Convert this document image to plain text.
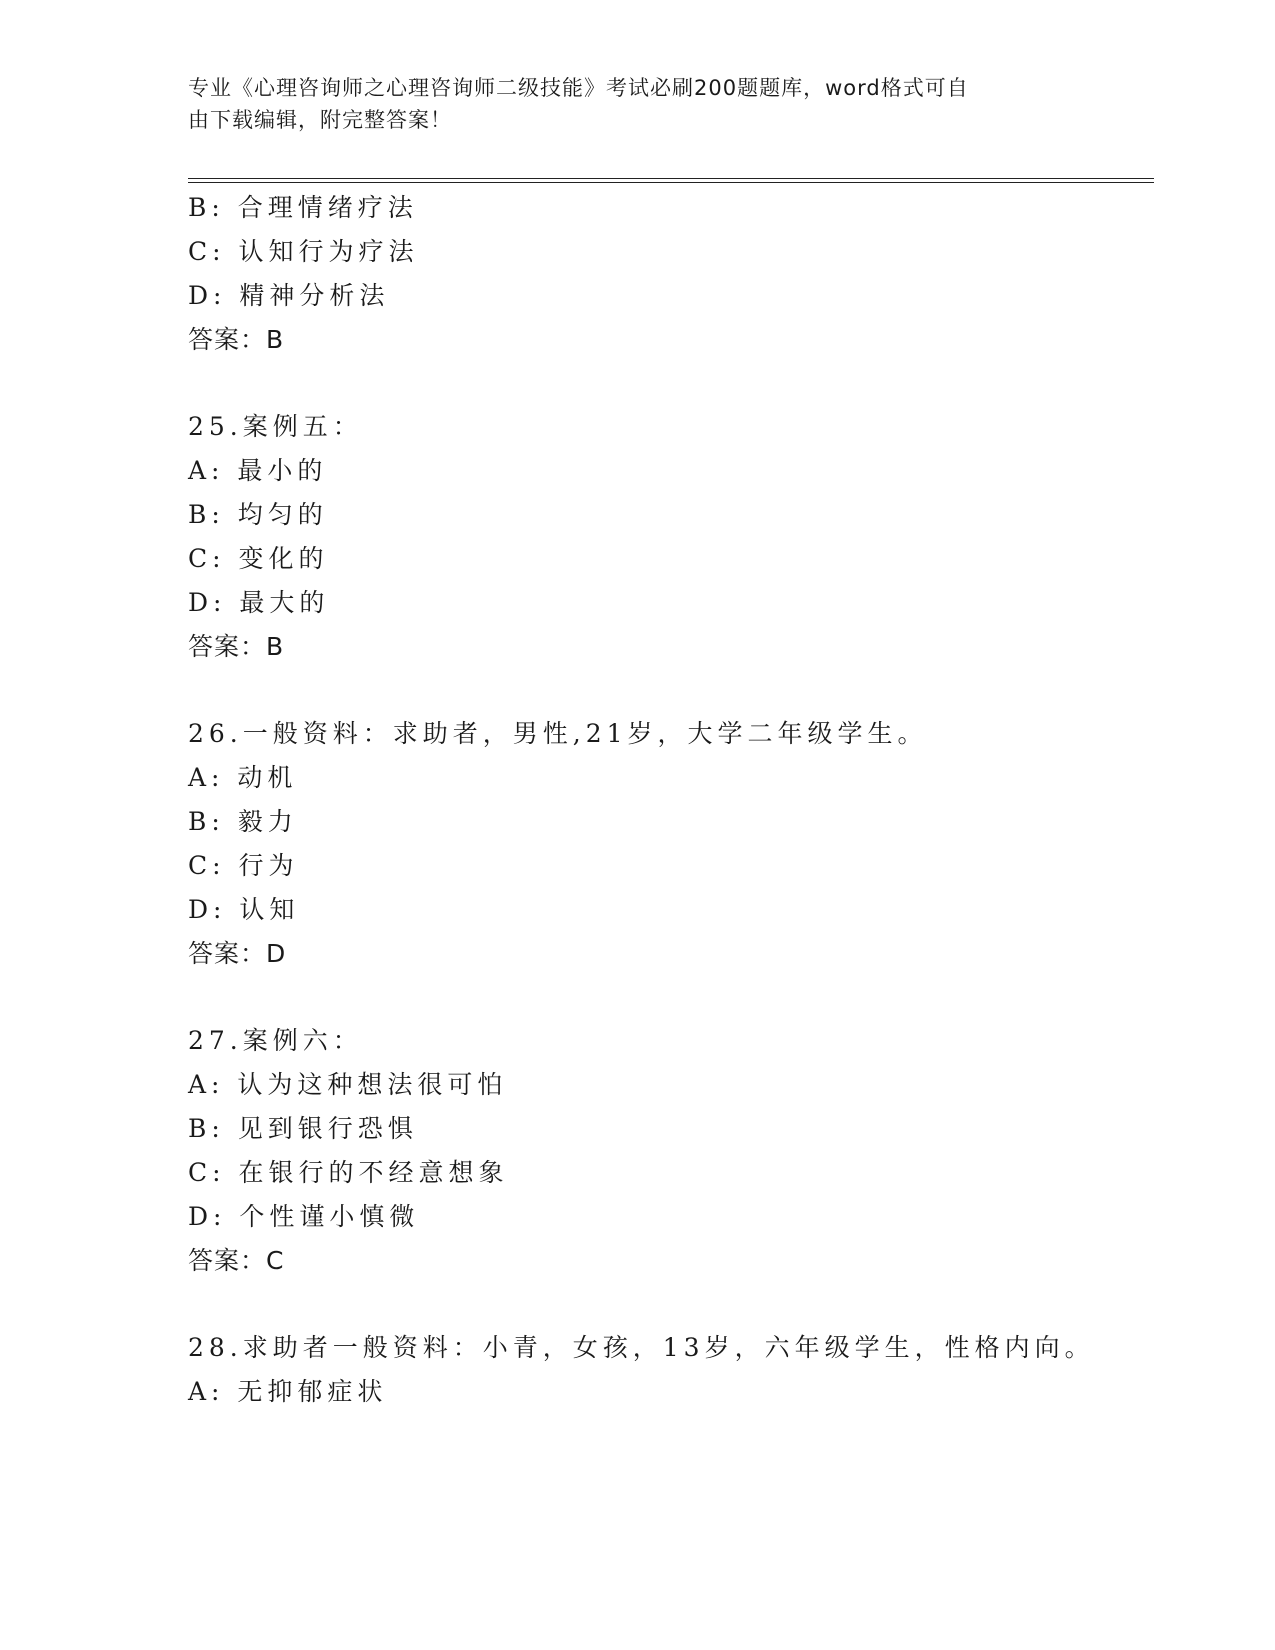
专业《心理咨询师之心理咨询师二级技能》考试必刷200题题库，word格式可自
由下载编辑，附完整答案！
B: 合理情绪疗法
C: 认知行为疗法
D: 精神分析法
答案：B
25.案例五：
A: 最小的
B: 均匀的
C: 变化的
D: 最大的
答案：B
26.一般资料：求助者，男性,21岁，大学二年级学生。
A: 动机
B: 毅力
C: 行为
D: 认知
答案：D
27.案例六：
A: 认为这种想法很可怕
B: 见到银行恐惧
C: 在银行的不经意想象
D: 个性谨小慎微
答案：C
28.求助者一般资料：小青，女孩，13岁，六年级学生，性格内向。
A: 无抑郁症状
